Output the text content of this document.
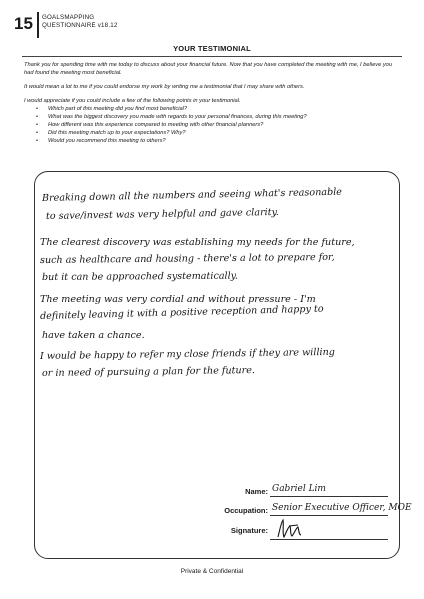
15 GOALSMAPPING
QUESTIONNAIRE v18.12
YOUR TESTIMONIAL

Thank you for spending time with me today to discuss about your financial future. Now that you have completed the meeting with me, I believe you had found the meeting most beneficial.

It would mean a lot to me if you could endorse my work by writing me a testimonial that I may share with others.

I would appreciate if you could include a few of the following points in your testimonial.

• Which part of this meeting did you find most beneficial?
• What was the biggest discovery you made with regards to your personal finances, during this meeting?
• How different was this experience compared to meeting with other financial planners?
• Did this meeting match up to your expectations? Why?
• Would you recommend this meeting to others?
Breaking down all the numbers and seeing what's reasonable
to save/invest was very helpful and gave clarity.
The clearest discovery was establishing my needs for the future,
such as healthcare and housing - there's a lot to prepare for,
but it can be approached systematically.
The meeting was very cordial and without pressure - I'm
definitely leaving it with a positive reception and happy to
have taken a chance.
I would be happy to refer my close friends if they are willing
or in need of pursuing a plan for the future.
Name: Gabriel Lim
Occupation: Senior Executive Officer, MOE
Signature:
Private & Confidential
